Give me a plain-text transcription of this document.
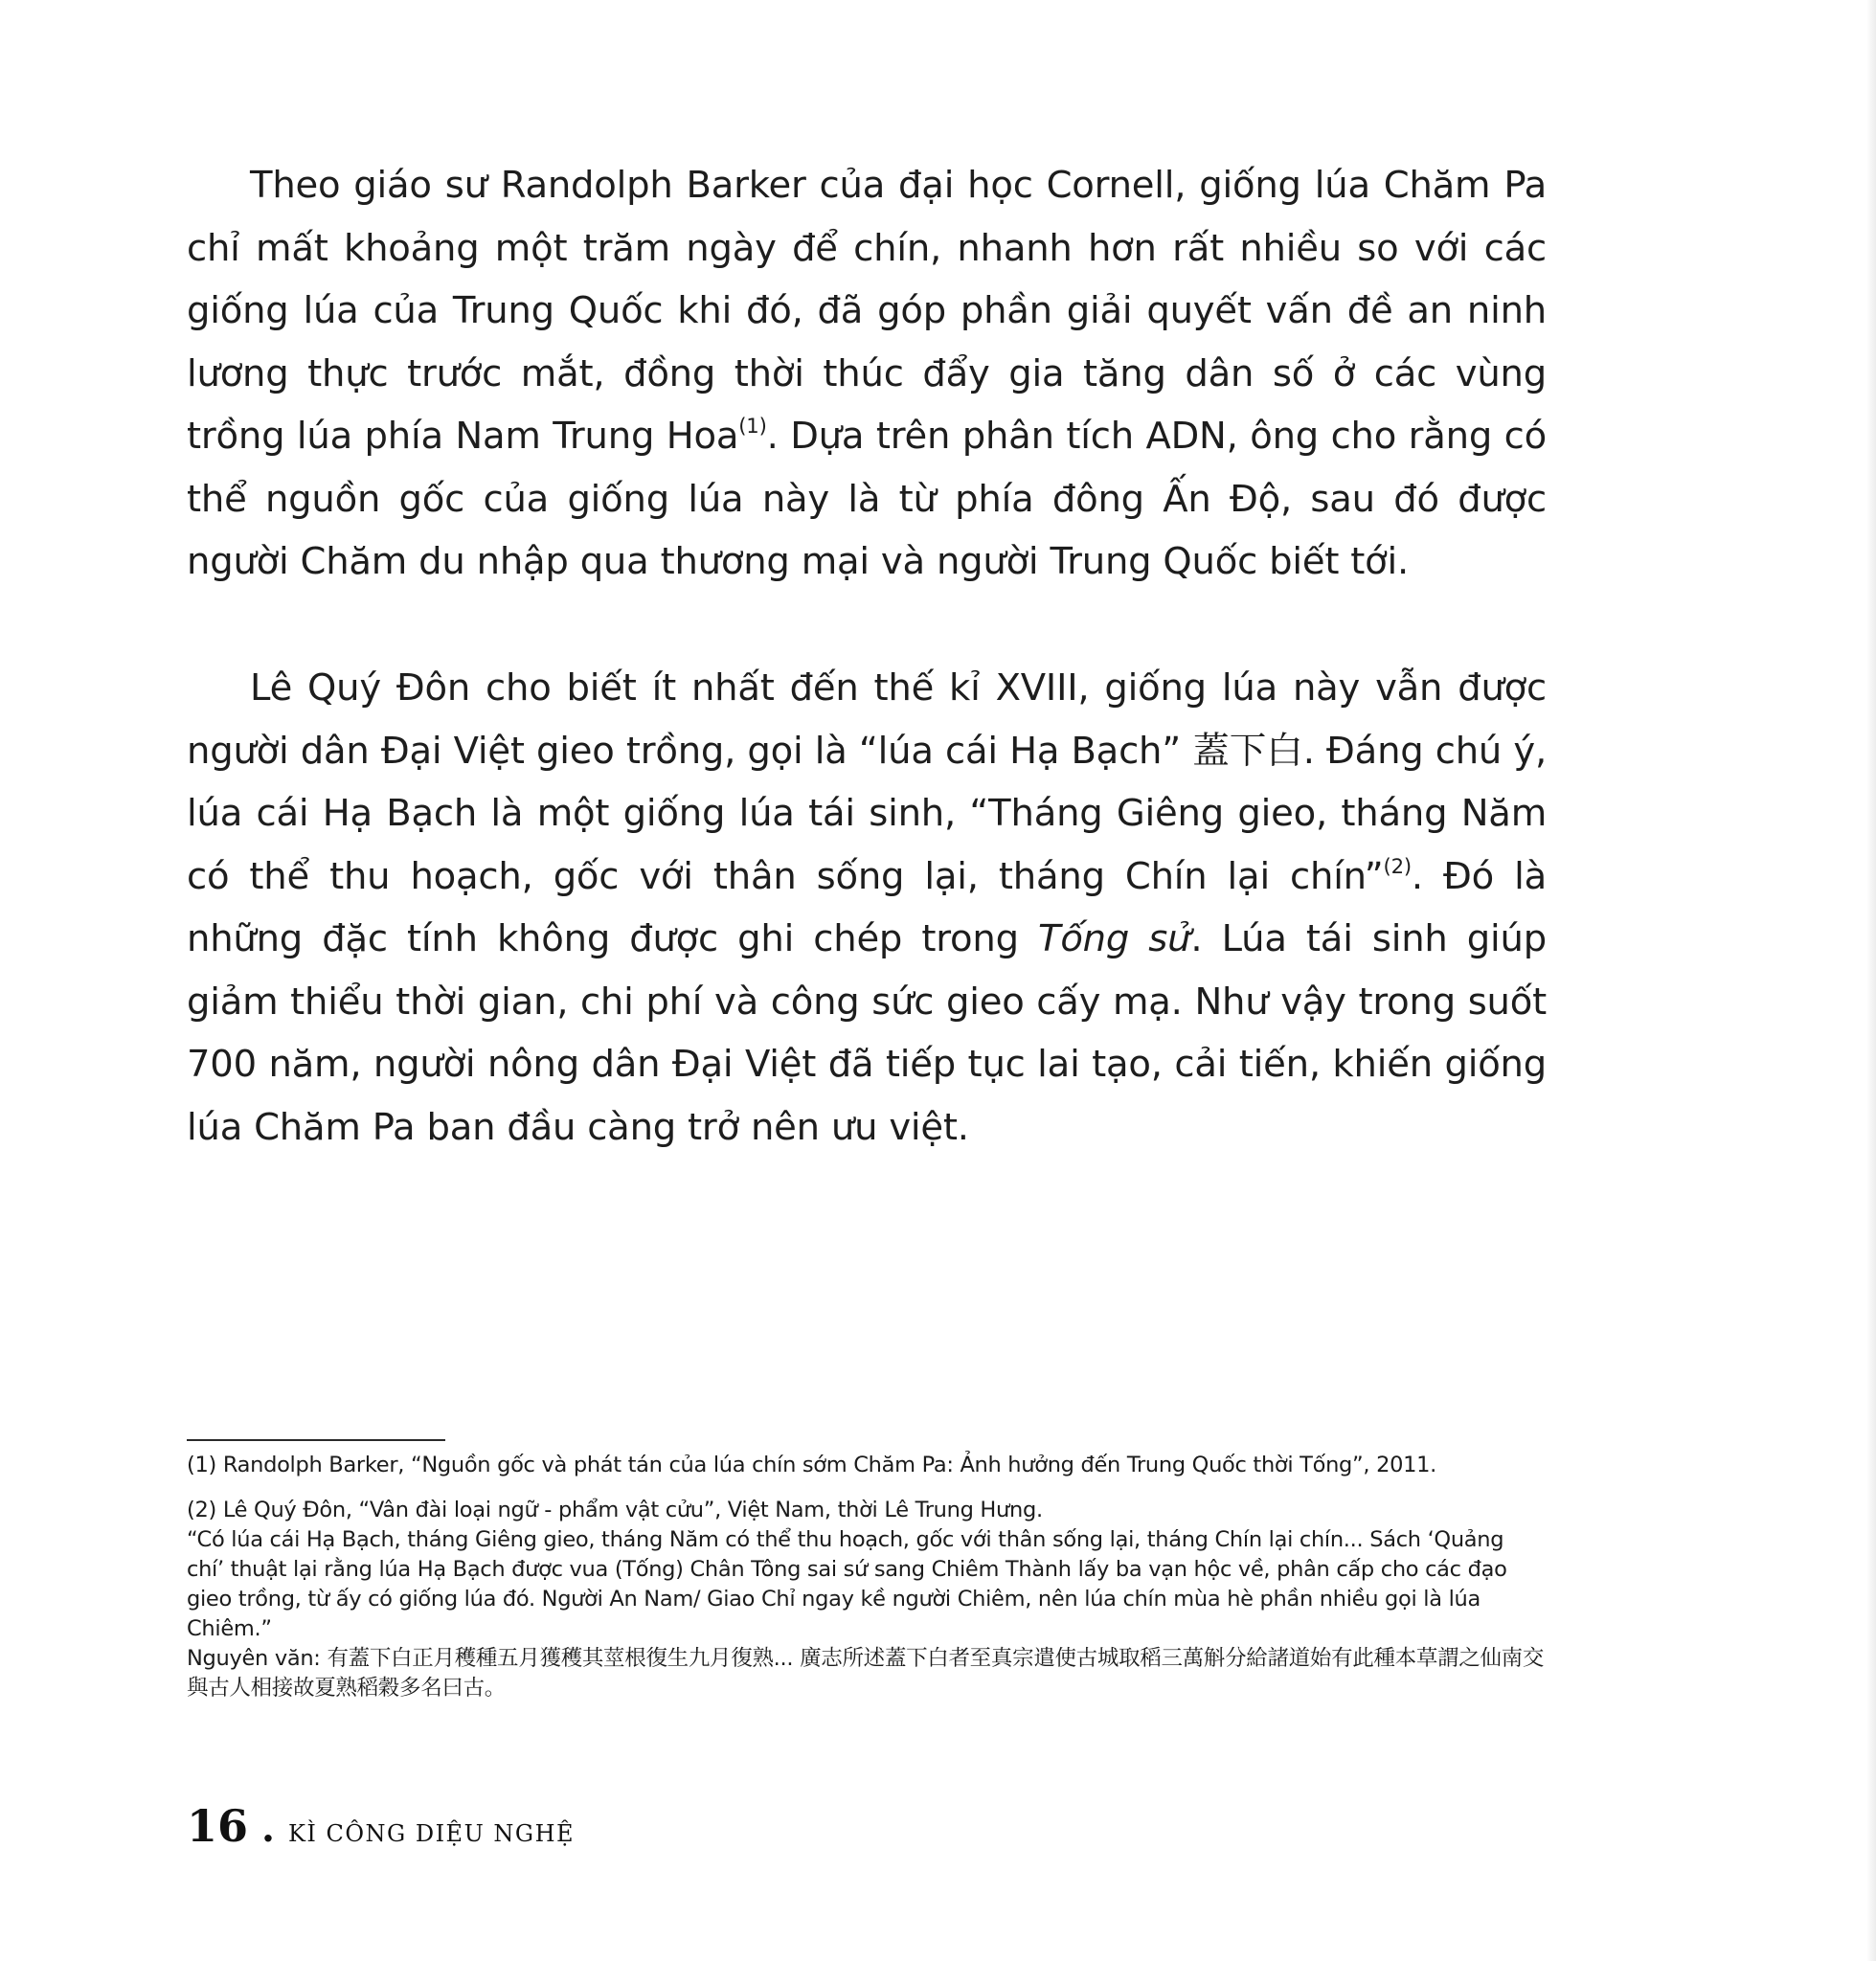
Theo giáo sư Randolph Barker của đại học Cornell, giống lúa Chăm Pa chỉ mất khoảng một trăm ngày để chín, nhanh hơn rất nhiều so với các giống lúa của Trung Quốc khi đó, đã góp phần giải quyết vấn đề an ninh lương thực trước mắt, đồng thời thúc đẩy gia tăng dân số ở các vùng trồng lúa phía Nam Trung Hoa$^{(1)}$. Dựa trên phân tích ADN, ông cho rằng có thể nguồn gốc của giống lúa này là từ phía đông Ấn Độ, sau đó được người Chăm du nhập qua thương mại và người Trung Quốc biết tới.

Lê Quý Đôn cho biết ít nhất đến thế kỉ XVIII, giống lúa này vẫn được người dân Đại Việt gieo trồng, gọi là “lúa cái Hạ Bạch” 蓋下白. Đáng chú ý, lúa cái Hạ Bạch là một giống lúa tái sinh, “Tháng Giêng gieo, tháng Năm có thể thu hoạch, gốc với thân sống lại, tháng Chín lại chín”$^{(2)}$. Đó là những đặc tính không được ghi chép trong Tống sử. Lúa tái sinh giúp giảm thiểu thời gian, chi phí và công sức gieo cấy mạ. Như vậy trong suốt 700 năm, người nông dân Đại Việt đã tiếp tục lai tạo, cải tiến, khiến giống lúa Chăm Pa ban đầu càng trở nên ưu việt.

(1) Randolph Barker, “Nguồn gốc và phát tán của lúa chín sớm Chăm Pa: Ảnh hưởng đến Trung Quốc thời Tống”, 2011.

(2) Lê Quý Đôn, “Vân đài loại ngữ - phẩm vật cửu”, Việt Nam, thời Lê Trung Hưng.

“Có lúa cái Hạ Bạch, tháng Giêng gieo, tháng Năm có thể thu hoạch, gốc với thân sống lại, tháng Chín lại chín... Sách ‘Quảng chí’ thuật lại rằng lúa Hạ Bạch được vua (Tống) Chân Tông sai sứ sang Chiêm Thành lấy ba vạn hộc về, phân cấp cho các đạo gieo trồng, từ ấy có giống lúa đó. Người An Nam/ Giao Chỉ ngay kề người Chiêm, nên lúa chín mùa hè phần nhiều gọi là lúa Chiêm.”

Nguyên văn: 有蓋下白正月穫種五月獲穫其莖根復生九月復熟... 廣志所述蓋下白者至真宗遣使古城取稻三萬斛分給諸道始有此種本草謂之仙南交與古人相接故夏熟稻穀多名曰古。

16 . KÌ CÔNG DIỆU NGHỆ
